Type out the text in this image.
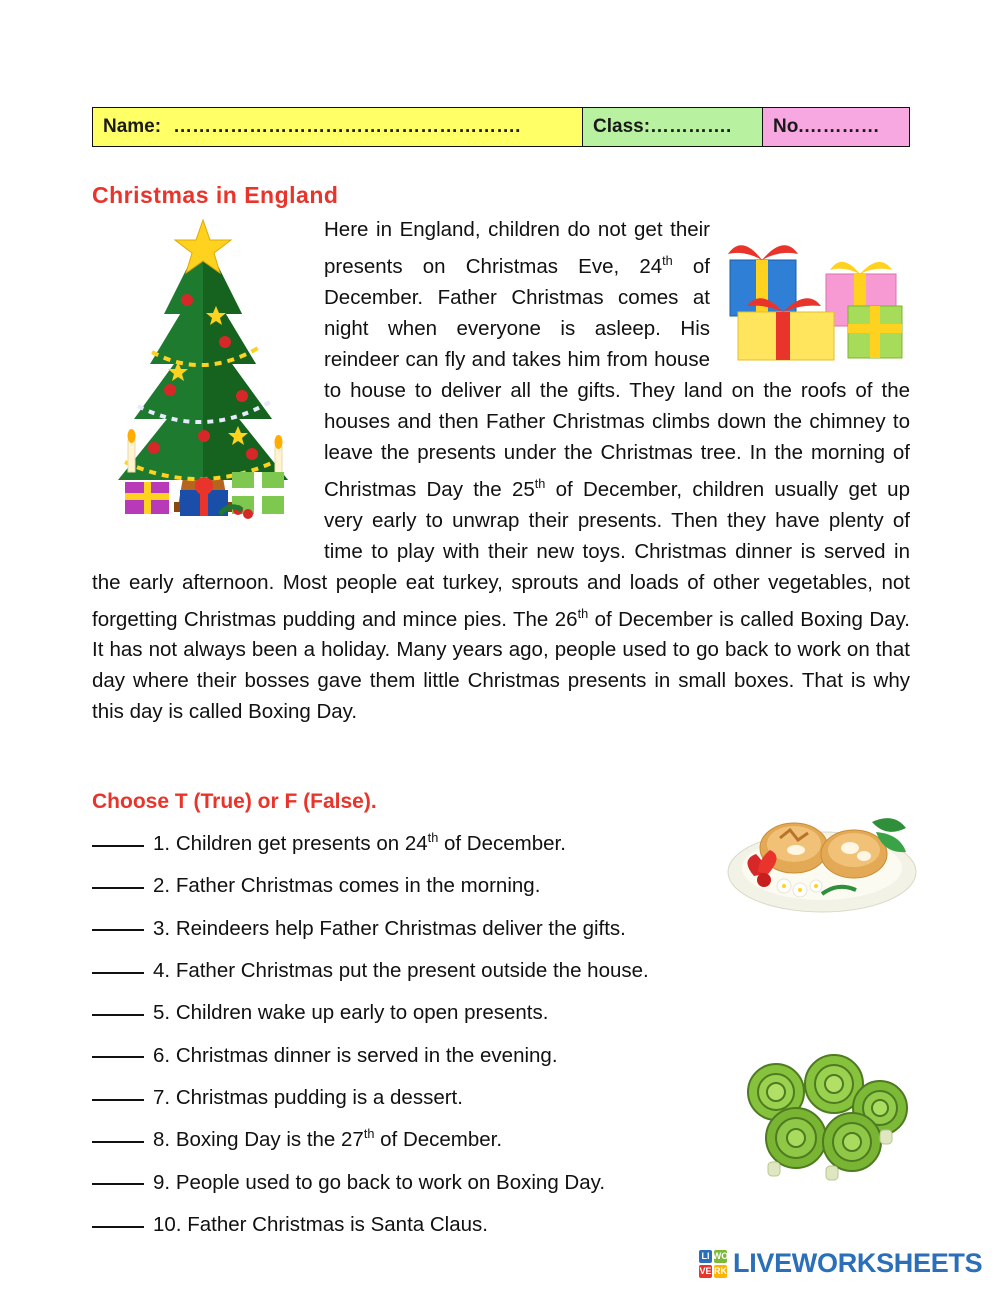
Name: ……………………………………………….	Class: …………. No. …………
Christmas in England

Here in England, children do not get their presents on Christmas Eve, 24th of December. Father Christmas comes at night when everyone is asleep. His reindeer can fly and takes him from house to house to deliver all the gifts. They land on the roofs of the houses and then Father Christmas climbs down the chimney to leave the presents under the Christmas tree. In the morning of Christmas Day the 25th of December, children usually get up very early to unwrap their presents. Then they have plenty of time to play with their new toys. Christmas dinner is served in the early afternoon. Most people eat turkey, sprouts and loads of other vegetables, not forgetting Christmas pudding and mince pies. The 26th of December is called Boxing Day. It has not always been a holiday. Many years ago, people used to go back to work on that day where their bosses gave them little Christmas presents in small boxes. That is why this day is called Boxing Day.

Choose T (True) or F (False).
1. Children get presents on 24th of December.
2. Father Christmas comes in the morning.
3. Reindeers help Father Christmas deliver the gifts.
4. Father Christmas put the present outside the house.
5. Children wake up early to open presents.
6. Christmas dinner is served in the evening.
7. Christmas pudding is a dessert.
8. Boxing Day is the 27th of December.
9. People used to go back to work on Boxing Day.
10. Father Christmas is Santa Claus.
LI
VE
WO
RK LIVEWORKSHEETS
